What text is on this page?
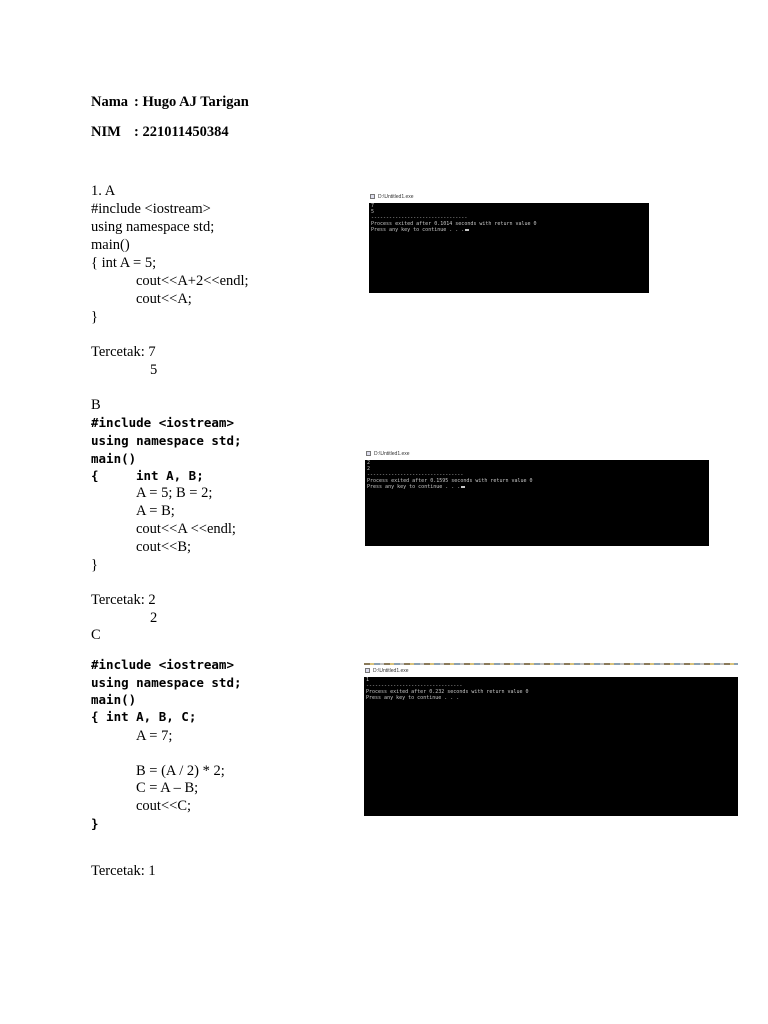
Nama : Hugo AJ Tarigan
NIM : 221011450384
1. A
#include <iostream>
using namespace std;
main()
{ int A = 5;
cout<<A+2<<endl;
cout<<A;
}
Tercetak: 7
5
D:\Untitled1.exe
7
5
--------------------------------
Process exited after 0.1014 seconds with return value 0
Press any key to continue . . .
B
#include <iostream>
using namespace std;
main()
{	int A, B;
A = 5; B = 2;
A = B;
cout<<A <<endl;
cout<<B;
}
Tercetak: 2
2
D:\Untitled1.exe
2
2
--------------------------------
Process exited after 0.1595 seconds with return value 0
Press any key to continue . . .
C
#include <iostream>
using namespace std;
main()
{ int A, B, C;
A = 7;
B = (A / 2) * 2;
C = A – B;
cout<<C;
}
Tercetak: 1
D:\Untitled1.exe
1
--------------------------------
Process exited after 0.232 seconds with return value 0
Press any key to continue . . .
